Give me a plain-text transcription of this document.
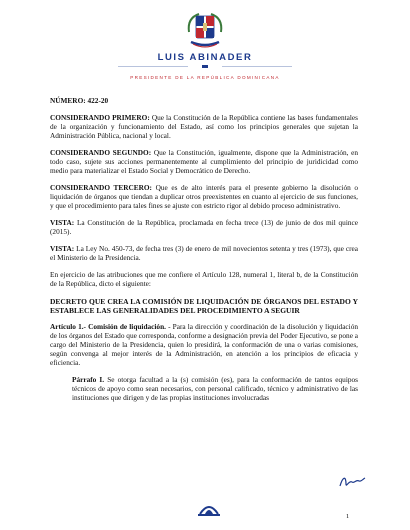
LUIS ABINADER
PRESIDENTE DE LA REPÚBLICA DOMINICANA

NÚMERO: 422-20

CONSIDERANDO PRIMERO: Que la Constitución de la República contiene las bases fundamentales de la organización y funcionamiento del Estado, así como los principios generales que sujetan la Administración Pública, nacional y local.

CONSIDERANDO SEGUNDO: Que la Constitución, igualmente, dispone que la Administración, en todo caso, sujete sus acciones permanentemente al cumplimiento del principio de juridicidad como medio para materializar el Estado Social y Democrático de Derecho.

CONSIDERANDO TERCERO: Que es de alto interés para el presente gobierno la disolución o liquidación de órganos que tiendan a duplicar otros preexistentes en cuanto al ejercicio de sus funciones, y que el procedimiento para tales fines se ajuste con estricto rigor al debido proceso administrativo.

VISTA: La Constitución de la República, proclamada en fecha trece (13) de junio de dos mil quince (2015).

VISTA: La Ley No. 450-73, de fecha tres (3) de enero de mil novecientos setenta y tres (1973), que crea el Ministerio de la Presidencia.

En ejercicio de las atribuciones que me confiere el Artículo 128, numeral 1, literal b, de la Constitución de la República, dicto el siguiente:

DECRETO QUE CREA LA COMISIÓN DE LIQUIDACIÓN DE ÓRGANOS DEL ESTADO Y ESTABLECE LAS GENERALIDADES DEL PROCEDIMIENTO A SEGUIR

Artículo 1.- Comisión de liquidación. - Para la dirección y coordinación de la disolución y liquidación de los órganos del Estado que corresponda, conforme a designación previa del Poder Ejecutivo, se pone a cargo del Ministerio de la Presidencia, quien lo presidirá, la conformación de una o varias comisiones, según convenga al mejor interés de la Administración, en atención a los principios de eficacia y eficiencia.

Párrafo I. Se otorga facultad a la (s) comisión (es), para la conformación de tantos equipos técnicos de apoyo como sean necesarios, con personal calificado, técnico y administrativo de las instituciones que dirigen y de las propias instituciones involucradas

1
